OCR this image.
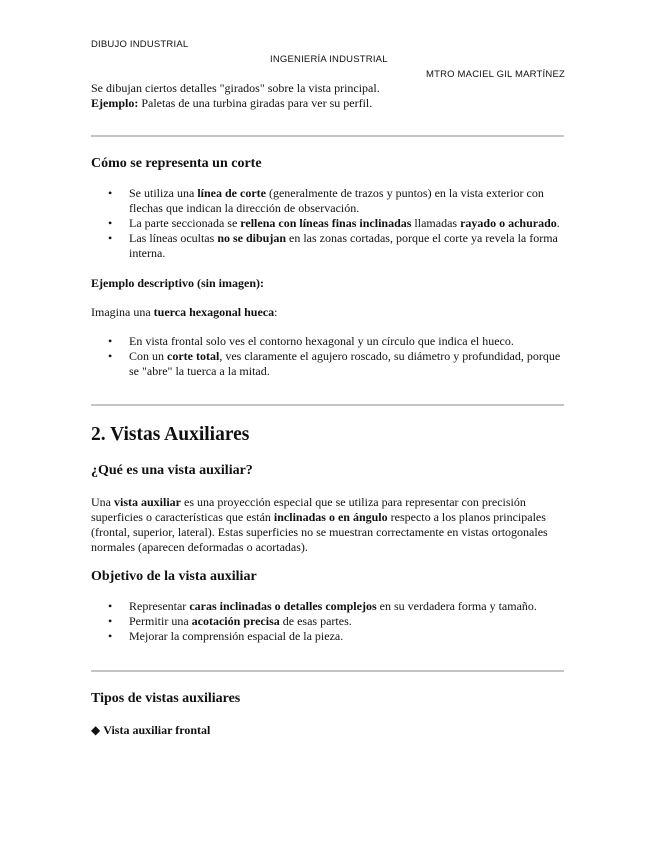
DIBUJO INDUSTRIAL
INGENIERÍA INDUSTRIAL
MTRO MACIEL GIL MARTÍNEZ

Se dibujan ciertos detalles "girados" sobre la vista principal.

Ejemplo: Paletas de una turbina giradas para ver su perfil.

Cómo se representa un corte
• Se utiliza una línea de corte (generalmente de trazos y puntos) en la vista exterior con flechas que indican la dirección de observación.
• La parte seccionada se rellena con líneas finas inclinadas llamadas rayado o achurado.
• Las líneas ocultas no se dibujan en las zonas cortadas, porque el corte ya revela la forma interna.

Ejemplo descriptivo (sin imagen):

Imagina una tuerca hexagonal hueca:

• En vista frontal solo ves el contorno hexagonal y un círculo que indica el hueco.
• Con un corte total, ves claramente el agujero roscado, su diámetro y profundidad, porque se "abre" la tuerca a la mitad.
2. Vistas Auxiliares
¿Qué es una vista auxiliar?

Una vista auxiliar es una proyección especial que se utiliza para representar con precisión superficies o características que están inclinadas o en ángulo respecto a los planos principales (frontal, superior, lateral). Estas superficies no se muestran correctamente en vistas ortogonales normales (aparecen deformadas o acortadas).

Objetivo de la vista auxiliar
• Representar caras inclinadas o detalles complejos en su verdadera forma y tamaño.
• Permitir una acotación precisa de esas partes.
• Mejorar la comprensión espacial de la pieza.
Tipos de vistas auxiliares

◆ Vista auxiliar frontal
